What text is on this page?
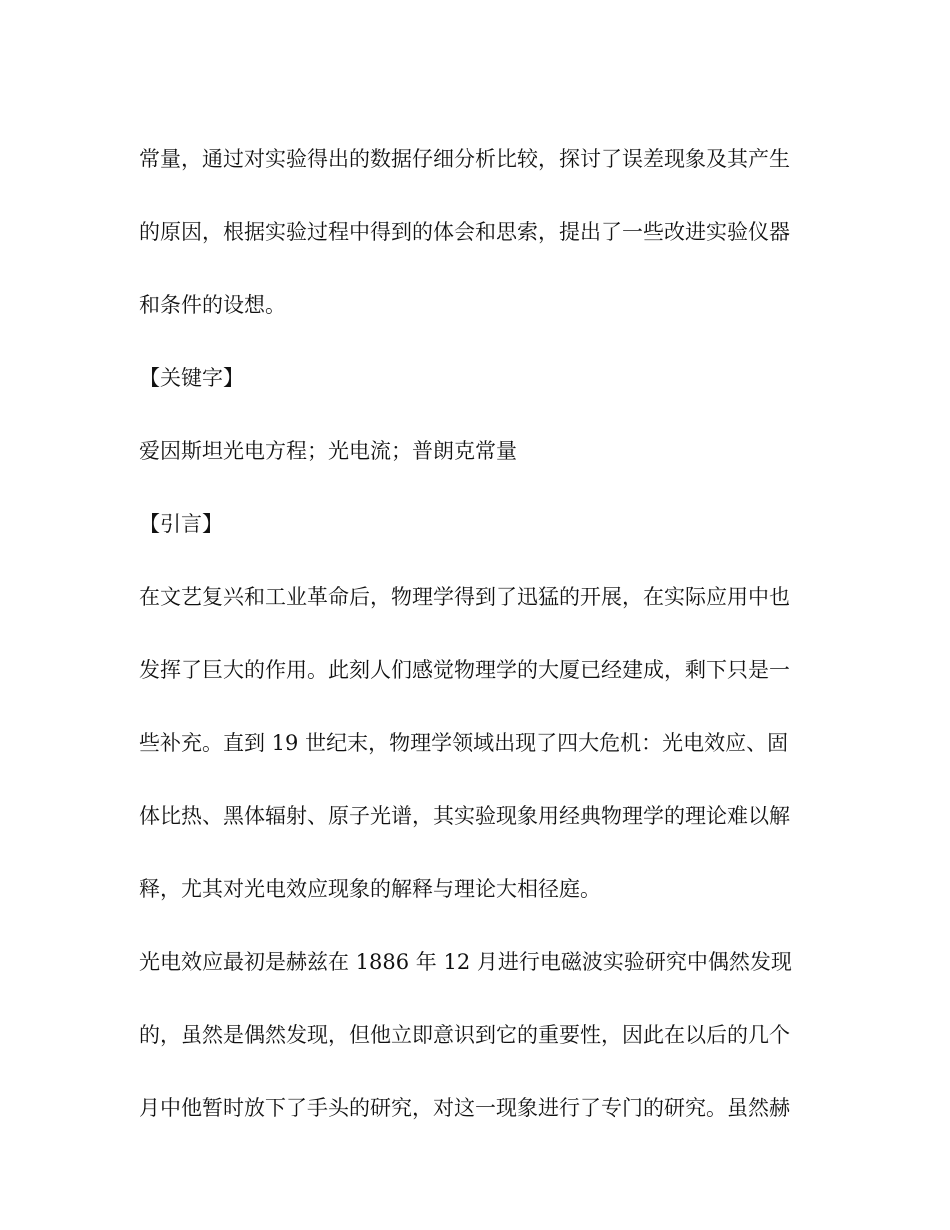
常量，通过对实验得出的数据仔细分析比较，探讨了误差现象及其产生
的原因，根据实验过程中得到的体会和思索，提出了一些改进实验仪器
和条件的设想。
【关键字】
爱因斯坦光电方程；光电流；普朗克常量
【引言】
在文艺复兴和工业革命后，物理学得到了迅猛的开展，在实际应用中也
发挥了巨大的作用。此刻人们感觉物理学的大厦已经建成，剩下只是一
些补充。直到 19 世纪末，物理学领域出现了四大危机：光电效应、固
体比热、黑体辐射、原子光谱，其实验现象用经典物理学的理论难以解
释，尤其对光电效应现象的解释与理论大相径庭。
光电效应最初是赫兹在 1886 年 12 月进行电磁波实验研究中偶然发现
的，虽然是偶然发现，但他立即意识到它的重要性，因此在以后的几个
月中他暂时放下了手头的研究，对这一现象进行了专门的研究。虽然赫
